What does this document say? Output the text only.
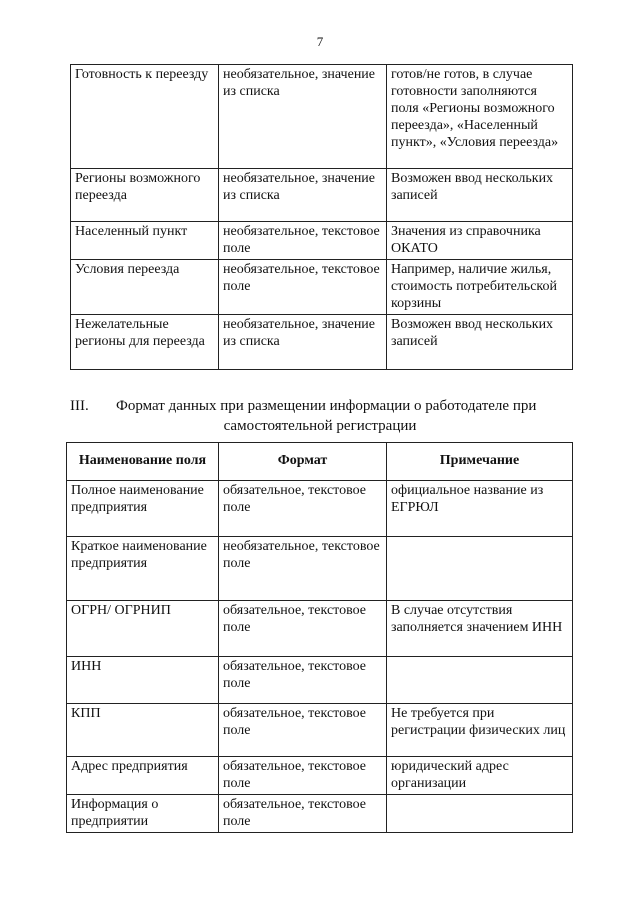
7
Готовность к переезду	необязательное, значение из списка	готов/не готов, в случае готовности заполняются поля «Регионы возможного переезда», «Населенный пункт», «Условия переезда»
Регионы возможного переезда	необязательное, значение из списка	Возможен ввод нескольких записей
Населенный пункт	необязательное, текстовое поле	Значения из справочника ОКАТО
Условия переезда	необязательное, текстовое поле	Например, наличие жилья, стоимость потребительской корзины
Нежелательные регионы для переезда	необязательное, значение из списка	Возможен ввод нескольких записей
III. Формат данных при размещении информации о работодателе при
самостоятельной регистрации
Наименование поля	Формат	Примечание
Полное наименование предприятия	обязательное, текстовое поле	официальное название из ЕГРЮЛ
Краткое наименование предприятия	необязательное, текстовое поле	
ОГРН/ ОГРНИП	обязательное, текстовое поле	В случае отсутствия заполняется значением ИНН
ИНН	обязательное, текстовое поле	
КПП	обязательное, текстовое поле	Не требуется при регистрации физических лиц
Адрес предприятия	обязательное, текстовое поле	юридический адрес организации
Информация о предприятии	обязательное, текстовое поле	
